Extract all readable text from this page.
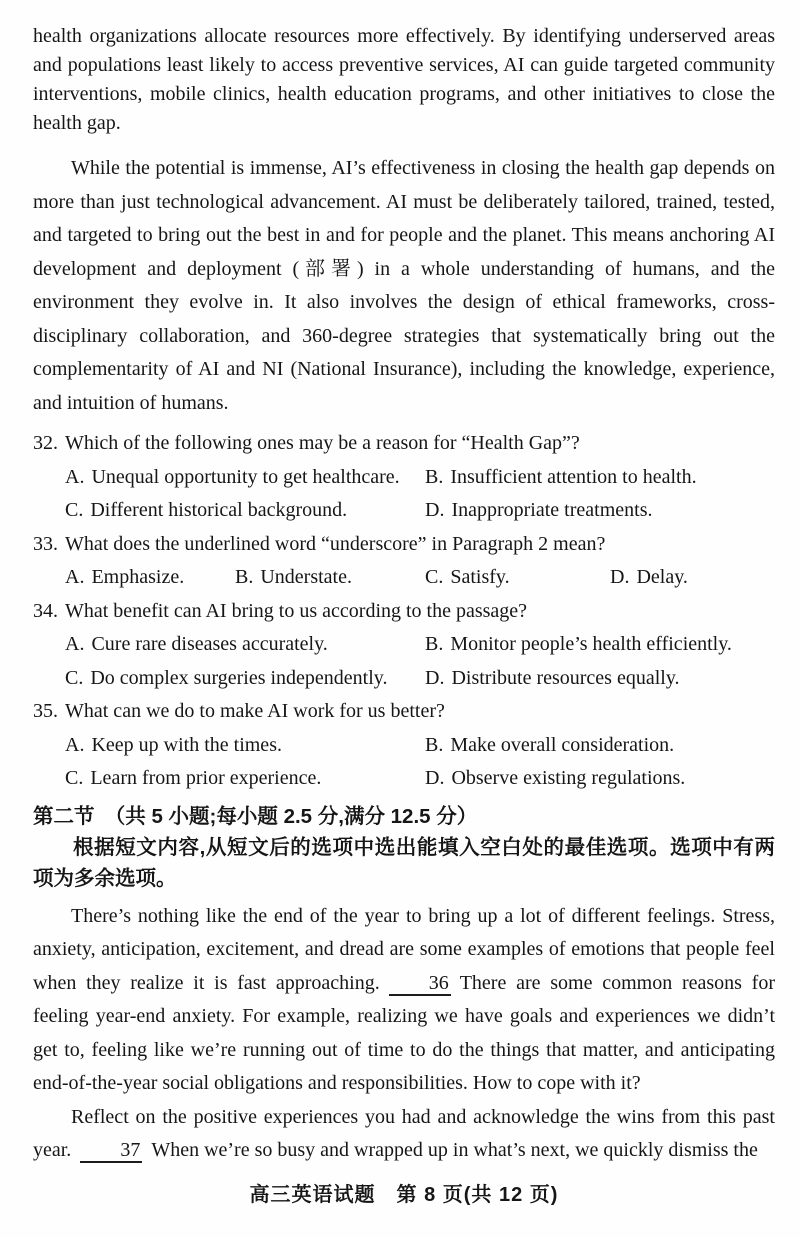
health organizations allocate resources more effectively. By identifying underserved areas and populations least likely to access preventive services, AI can guide targeted community interventions, mobile clinics, health education programs, and other initiatives to close the health gap.

While the potential is immense, AI’s effectiveness in closing the health gap depends on more than just technological advancement. AI must be deliberately tailored, trained, tested, and targeted to bring out the best in and for people and the planet. This means anchoring AI development and deployment (部署) in a whole understanding of humans, and the environment they evolve in. It also involves the design of ethical frameworks, cross-disciplinary collaboration, and 360-degree strategies that systematically bring out the complementarity of AI and NI (National Insurance), including the knowledge, experience, and intuition of humans.

32. Which of the following ones may be a reason for “Health Gap”?
A. Unequal opportunity to get healthcare.	B. Insufficient attention to health.
C. Different historical background.	D. Inappropriate treatments.
33. What does the underlined word “underscore” in Paragraph 2 mean?
A. Emphasize.	B. Understate.	C. Satisfy.	D. Delay.
34. What benefit can AI bring to us according to the passage?
A. Cure rare diseases accurately.	B. Monitor people’s health efficiently.
C. Do complex surgeries independently.	D. Distribute resources equally.
35. What can we do to make AI work for us better?
A. Keep up with the times.	B. Make overall consideration.
C. Learn from prior experience.	D. Observe existing regulations.
第二节　（共 5 小题;每小题 2.5 分,满分 12.5 分）

根据短文内容,从短文后的选项中选出能填入空白处的最佳选项。选项中有两项为多余选项。

There’s nothing like the end of the year to bring up a lot of different feelings. Stress, anxiety, anticipation, excitement, and dread are some examples of emotions that people feel when they realize it is fast approaching. 36 There are some common reasons for feeling year-end anxiety. For example, realizing we have goals and experiences we didn’t get to, feeling like we’re running out of time to do the things that matter, and anticipating end-of-the-year social obligations and responsibilities. How to cope with it?

Reflect on the positive experiences you had and acknowledge the wins from this past year. 37 When we’re so busy and wrapped up in what’s next, we quickly dismiss the

高三英语试题　第 8 页(共 12 页)
